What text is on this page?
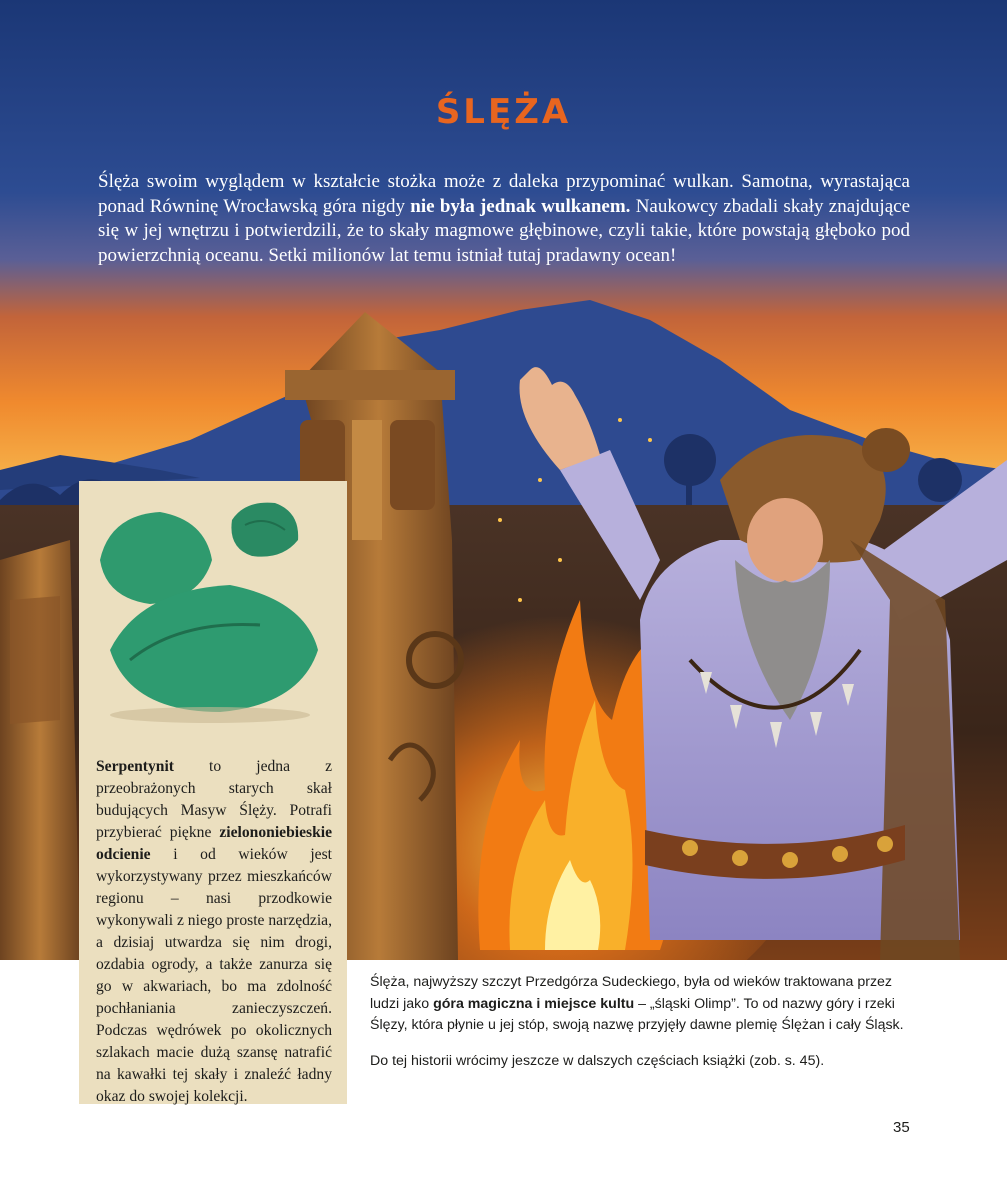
ŚLĘŻA
Ślęża swoim wyglądem w kształcie stożka może z daleka przypominać wulkan. Samotna, wyrastająca ponad Równinę Wrocławską góra nigdy nie była jednak wulkanem. Naukowcy zbadali skały znajdujące się w jej wnętrzu i potwierdzili, że to skały magmowe głębinowe, czyli takie, które powstają głęboko pod powierzchnią oceanu. Setki milionów lat temu istniał tutaj pradawny ocean!
Serpentynit to jedna z przeobrażonych starych skał budujących Masyw Ślęży. Potrafi przybierać piękne zielononiebieskie odcienie i od wieków jest wykorzystywany przez mieszkańców regionu – nasi przodkowie wykonywali z niego proste narzędzia, a dzisiaj utwardza się nim drogi, ozdabia ogrody, a także zanurza się go w akwariach, bo ma zdolność pochłaniania zanieczyszczeń. Podczas wędrówek po okolicznych szlakach macie dużą szansę natrafić na kawałki tej skały i znaleźć ładny okaz do swojej kolekcji.

Ślęża, najwyższy szczyt Przedgórza Sudeckiego, była od wieków traktowana przez ludzi jako góra magiczna i miejsce kultu – „śląski Olimp”. To od nazwy góry i rzeki Ślęzy, która płynie u jej stóp, swoją nazwę przyjęły dawne plemię Ślężan i cały Śląsk.

Do tej historii wrócimy jeszcze w dalszych częściach książki (zob. s. 45).

35
